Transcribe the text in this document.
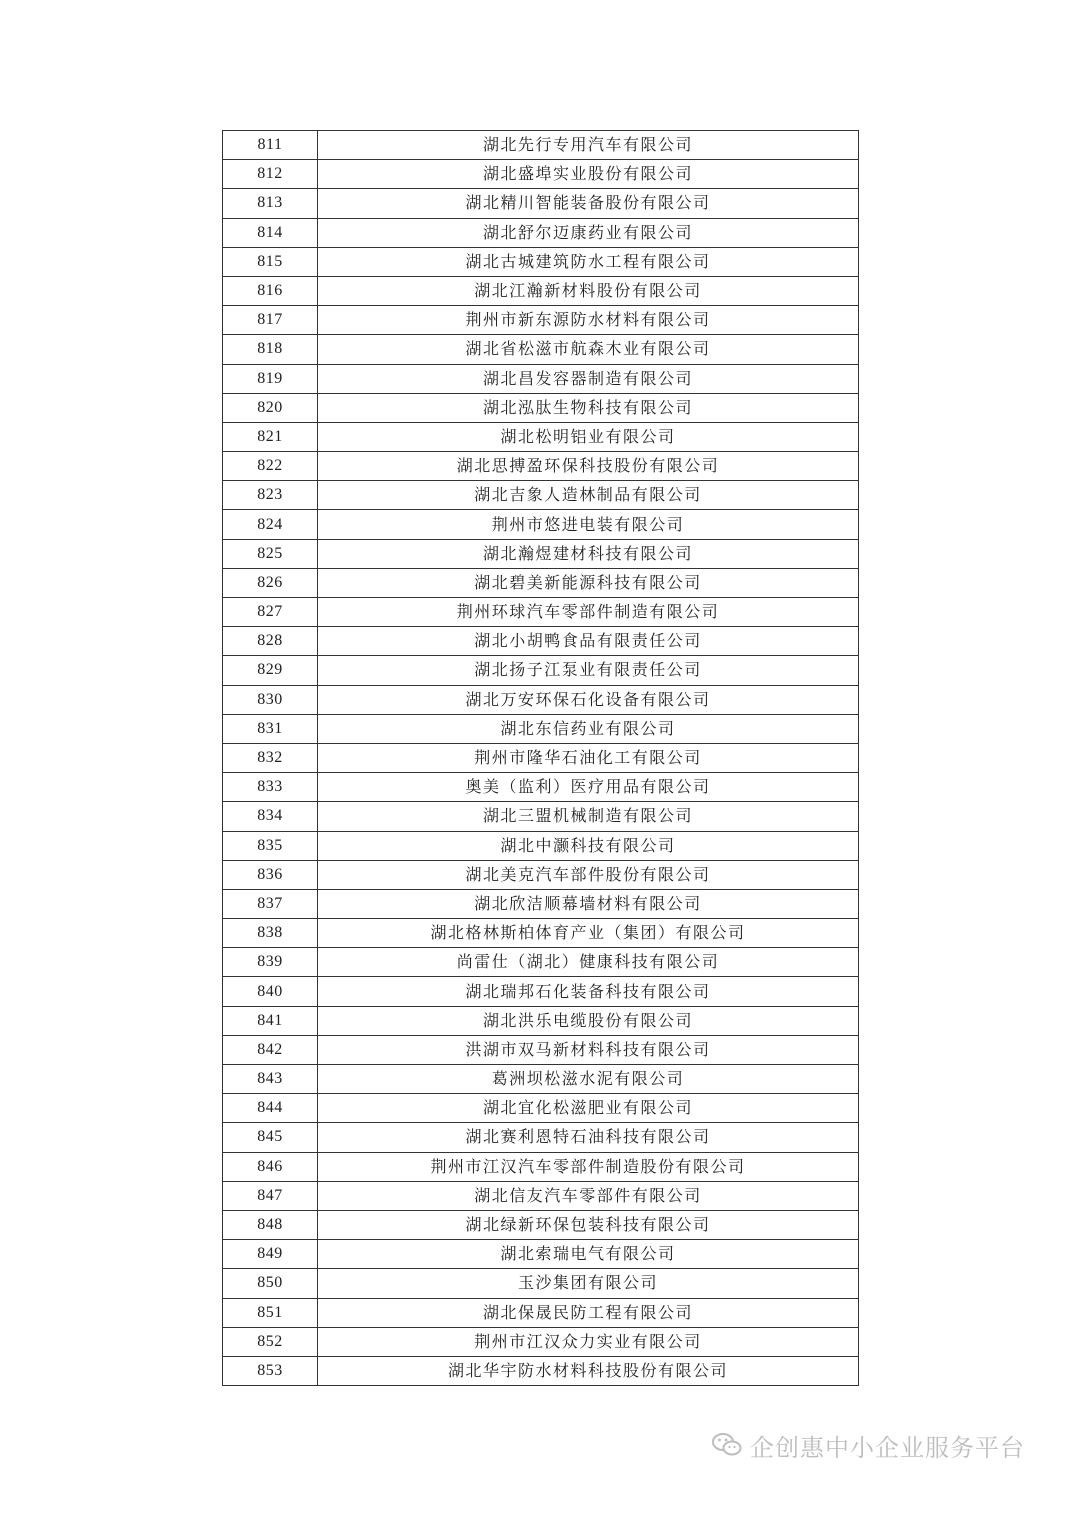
811	湖北先行专用汽车有限公司
812	湖北盛埠实业股份有限公司
813	湖北精川智能装备股份有限公司
814	湖北舒尔迈康药业有限公司
815	湖北古城建筑防水工程有限公司
816	湖北江瀚新材料股份有限公司
817	荆州市新东源防水材料有限公司
818	湖北省松滋市航森木业有限公司
819	湖北昌发容器制造有限公司
820	湖北泓肽生物科技有限公司
821	湖北松明铝业有限公司
822	湖北思搏盈环保科技股份有限公司
823	湖北吉象人造林制品有限公司
824	荆州市悠进电装有限公司
825	湖北瀚煜建材科技有限公司
826	湖北碧美新能源科技有限公司
827	荆州环球汽车零部件制造有限公司
828	湖北小胡鸭食品有限责任公司
829	湖北扬子江泵业有限责任公司
830	湖北万安环保石化设备有限公司
831	湖北东信药业有限公司
832	荆州市隆华石油化工有限公司
833	奥美（监利）医疗用品有限公司
834	湖北三盟机械制造有限公司
835	湖北中灏科技有限公司
836	湖北美克汽车部件股份有限公司
837	湖北欣洁顺幕墙材料有限公司
838	湖北格林斯柏体育产业（集团）有限公司
839	尚雷仕（湖北）健康科技有限公司
840	湖北瑞邦石化装备科技有限公司
841	湖北洪乐电缆股份有限公司
842	洪湖市双马新材料科技有限公司
843	葛洲坝松滋水泥有限公司
844	湖北宜化松滋肥业有限公司
845	湖北赛利恩特石油科技有限公司
846	荆州市江汉汽车零部件制造股份有限公司
847	湖北信友汽车零部件有限公司
848	湖北绿新环保包装科技有限公司
849	湖北索瑞电气有限公司
850	玉沙集团有限公司
851	湖北保晟民防工程有限公司
852	荆州市江汉众力实业有限公司
853	湖北华宇防水材料科技股份有限公司
企创惠中小企业服务平台
